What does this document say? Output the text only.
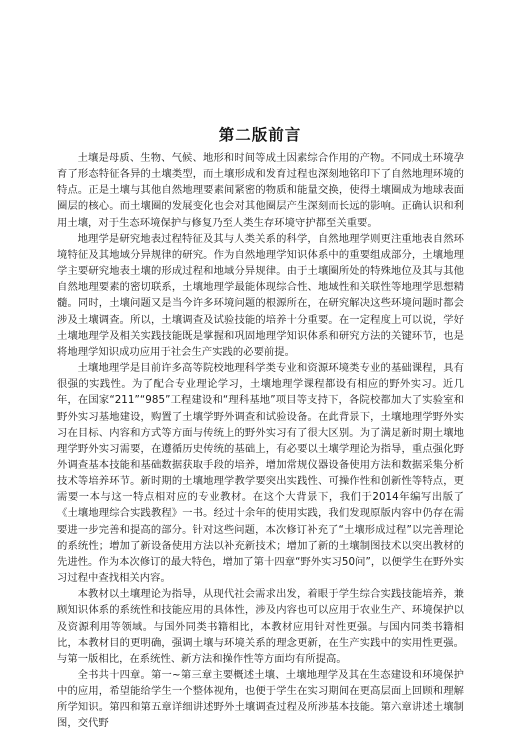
第二版前言

土壤是母质、生物、气候、地形和时间等成土因素综合作用的产物。不同成土环境孕育了形态特征各异的土壤类型，而土壤形成和发育过程也深刻地铭印下了自然地理环境的特点。正是土壤与其他自然地理要素间紧密的物质和能量交换，使得土壤圈成为地球表面圈层的核心。而土壤圈的发展变化也会对其他圈层产生深刻而长远的影响。正确认识和利用土壤，对于生态环境保护与修复乃至人类生存环境守护都至关重要。

地理学是研究地表过程特征及其与人类关系的科学，自然地理学则更注重地表自然环境特征及其地域分异规律的研究。作为自然地理学知识体系中的重要组成部分，土壤地理学主要研究地表土壤的形成过程和地域分异规律。由于土壤圈所处的特殊地位及其与其他自然地理要素的密切联系，土壤地理学最能体现综合性、地域性和关联性等地理学思想精髓。同时，土壤问题又是当今许多环境问题的根源所在，在研究解决这些环境问题时都会涉及土壤调查。所以，土壤调查及试验技能的培养十分重要。在一定程度上可以说，学好土壤地理学及相关实践技能既是掌握和巩固地理学知识体系和研究方法的关键环节，也是将地理学知识成功应用于社会生产实践的必要前提。

土壤地理学是目前许多高等院校地理科学类专业和资源环境类专业的基础课程，具有很强的实践性。为了配合专业理论学习，土壤地理学课程都设有相应的野外实习。近几年，在国家“211”“985”工程建设和“理科基地”项目等支持下，各院校都加大了实验室和野外实习基地建设，购置了土壤学野外调查和试验设备。在此背景下，土壤地理学野外实习在目标、内容和方式等方面与传统上的野外实习有了很大区别。为了满足新时期土壤地理学野外实习需要，在遵循历史传统的基础上，有必要以土壤学理论为指导，重点强化野外调查基本技能和基础数据获取手段的培养，增加常规仪器设备使用方法和数据采集分析技术等培养环节。新时期的土壤地理学教学要突出实践性、可操作性和创新性等特点，更需要一本与这一特点相对应的专业教材。在这个大背景下，我们于2014年编写出版了《土壤地理综合实践教程》一书。经过十余年的使用实践，我们发现原版内容中仍存在需要进一步完善和提高的部分。针对这些问题，本次修订补充了“土壤形成过程”以完善理论的系统性；增加了新设备使用方法以补充新技术；增加了新的土壤制图技术以突出教材的先进性。作为本次修订的最大特色，增加了第十四章“野外实习50问”，以便学生在野外实习过程中查找相关内容。

本教材以土壤理论为指导，从现代社会需求出发，着眼于学生综合实践技能培养，兼顾知识体系的系统性和技能应用的具体性，涉及内容也可以应用于农业生产、环境保护以及资源利用等领域。与国外同类书籍相比，本教材应用针对性更强。与国内同类书籍相比，本教材目的更明确，强调土壤与环境关系的理念更新，在生产实践中的实用性更强。与第一版相比，在系统性、新方法和操作性等方面均有所提高。

全书共十四章。第一~第三章主要概述土壤、土壤地理学及其在生态建设和环境保护中的应用，希望能给学生一个整体视角，也便于学生在实习期间在更高层面上回顾和理解所学知识。第四和第五章详细讲述野外土壤调查过程及所涉基本技能。第六章讲述土壤制图，交代野
